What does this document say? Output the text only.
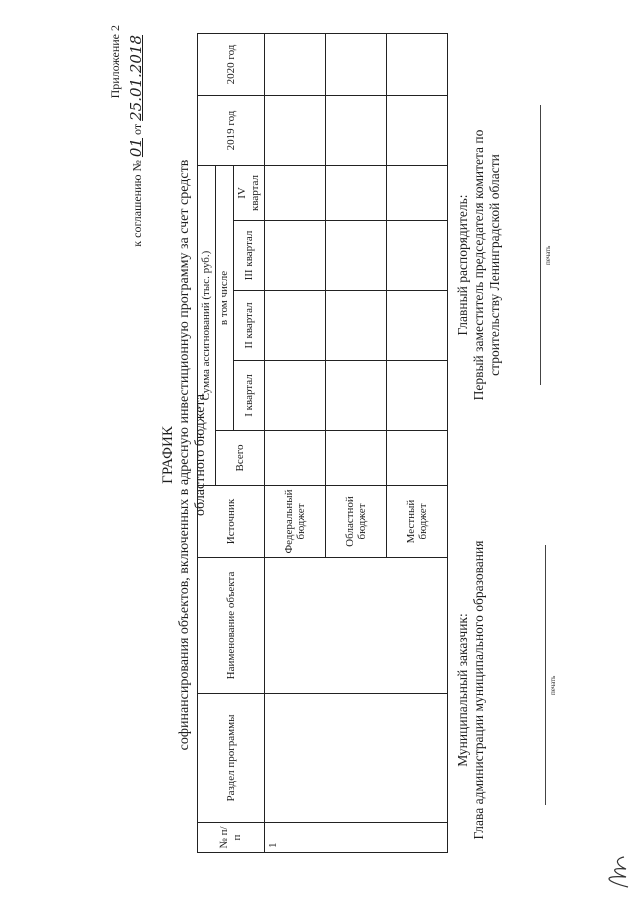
Приложение 2
к соглашению № 01 от 25.01.2018
ГРАФИК софинансирования объектов, включенных в адресную инвестиционную программу за счет средств областного бюджета
№ п/п	Раздел программы	Наименование объекта	Источник	Сумма ассигнований (тыс. руб.)					2019 год	2020 год
				Всего	в том числе					
					I квартал	II квартал	III квартал	IV квартал		
1			Федеральный бюджет							
			Областной бюджет							
			Местный бюджет							
Муниципальный заказчик: Глава администрации муниципального образования	печать
Главный распорядитель: Первый заместитель председателя комитета по строительству Ленинградской области	печать
